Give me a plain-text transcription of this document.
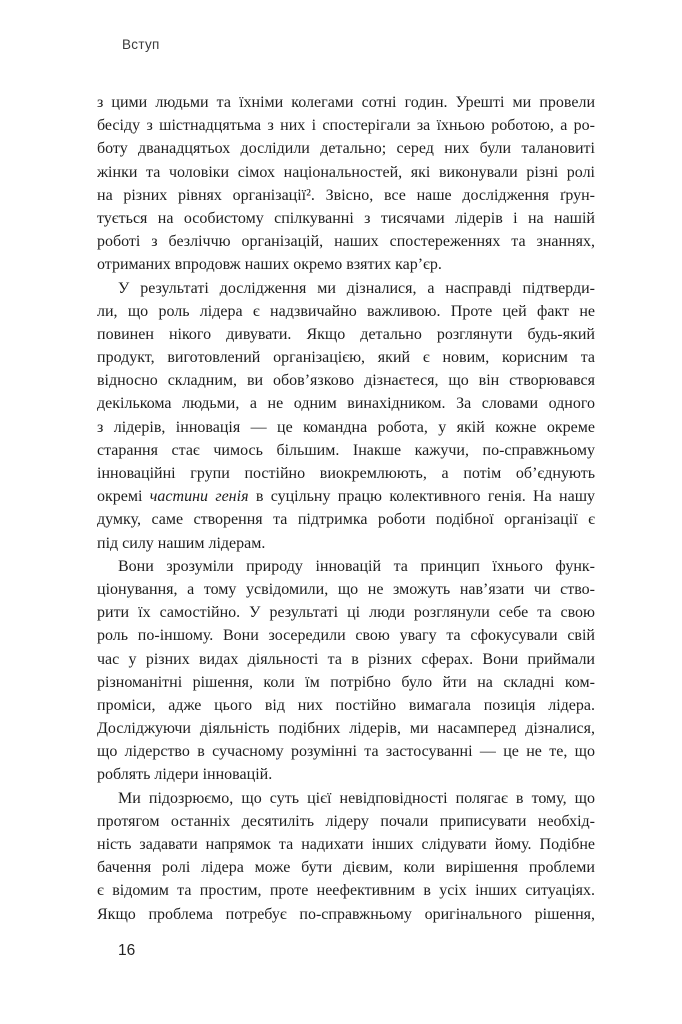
Вступ
з цими людьми та їхніми колегами сотні годин. Урешті ми провели
бесіду з шістнадцятьма з них і спостерігали за їхньою роботою, а ро-
боту дванадцятьох дослідили детально; серед них були талановиті
жінки та чоловіки сімох національностей, які виконували різні ролі
на різних рівнях організації². Звісно, все наше дослідження ґрун-
тується на особистому спілкуванні з тисячами лідерів і на нашій
роботі з безліччю організацій, наших спостереженнях та знаннях,
отриманих впродовж наших окремо взятих кар’єр.
У результаті дослідження ми дізналися, а насправді підтверди-
ли, що роль лідера є надзвичайно важливою. Проте цей факт не
повинен нікого дивувати. Якщо детально розглянути будь-який
продукт, виготовлений організацією, який є новим, корисним та
відносно складним, ви обов’язково дізнаєтеся, що він створювався
декількома людьми, а не одним винахідником. За словами одного
з лідерів, інновація — це командна робота, у якій кожне окреме
старання стає чимось більшим. Інакше кажучи, по-справжньому
інноваційні групи постійно виокремлюють, а потім об’єднують
окремі частини генія в суцільну працю колективного генія. На нашу
думку, саме створення та підтримка роботи подібної організації є
під силу нашим лідерам.
Вони зрозуміли природу інновацій та принцип їхнього функ-
ціонування, а тому усвідомили, що не зможуть нав’язати чи ство-
рити їх самостійно. У результаті ці люди розглянули себе та свою
роль по-іншому. Вони зосередили свою увагу та сфокусували свій
час у різних видах діяльності та в різних сферах. Вони приймали
різноманітні рішення, коли їм потрібно було йти на складні ком-
проміси, адже цього від них постійно вимагала позиція лідера.
Досліджуючи діяльність подібних лідерів, ми насамперед дізналися,
що лідерство в сучасному розумінні та застосуванні — це не те, що
роблять лідери інновацій.
Ми підозрюємо, що суть цієї невідповідності полягає в тому, що
протягом останніх десятиліть лідеру почали приписувати необхід-
ність задавати напрямок та надихати інших слідувати йому. Подібне
бачення ролі лідера може бути дієвим, коли вирішення проблеми
є відомим та простим, проте неефективним в усіх інших ситуаціях.
Якщо проблема потребує по-справжньому оригінального рішення,
16
